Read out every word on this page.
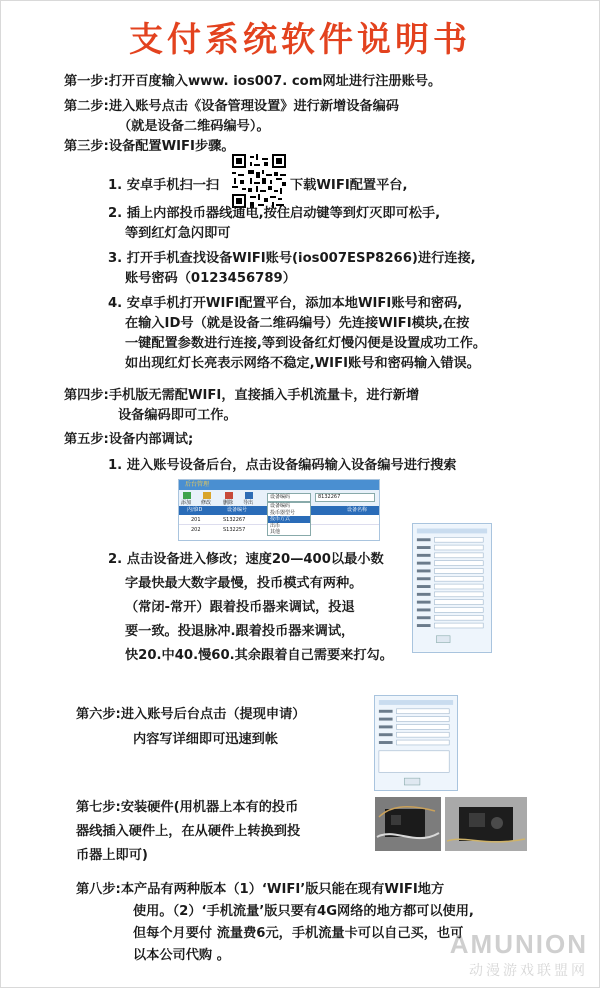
支付系统软件说明书
第一步:打开百度输入www. ios007. com网址进行注册账号。
第二步:进入账号点击《设备管理设置》进行新增设备编码
（就是设备二维码编号）。
第三步:设备配置WIFI步骤。
1. 安卓手机扫一扫	下载WIFI配置平台,
2. 插上内部投币器线通电,按住启动键等到灯灭即可松手,
等到红灯急闪即可
3. 打开手机查找设备WIFI账号(ios007ESP8266)进行连接,
账号密码（0123456789）
4. 安卓手机打开WIFI配置平台，添加本地WIFI账号和密码,
在输入ID号（就是设备二维码编号）先连接WIFI模块,在按
一键配置参数进行连接,等到设备红灯慢闪便是设置成功工作。
如出现红灯长亮表示网络不稳定,WIFI账号和密码输入错误。
第四步:手机版无需配WIFI，直接插入手机流量卡，进行新增
设备编码即可工作。
第五步:设备内部调试;
1. 进入账号设备后台，点击设备编码输入设备编号进行搜索
后台管理
添加 修改 删除 导出
设备编码	8132267
内部ID	设备编号	设备名称
201	S132267
202	S132257
设备编码
投币器型号
投币方式
出币
其他
2. 点击设备进入修改；速度20—400以最小数
字最快最大数字最慢，投币模式有两种。
（常闭-常开）跟着投币器来调试，投退
要一致。投退脉冲.跟着投币器来调试，
快20.中40.慢60.其余跟着自己需要来打勾。
第六步:进入账号后台点击（提现申请）
内容写详细即可迅速到帐
第七步:安装硬件(用机器上本有的投币
器线插入硬件上，在从硬件上转换到投
币器上即可)
第八步:本产品有两种版本（1）‘WIFI’版只能在现有WIFI地方
使用。（2）‘手机流量’版只要有4G网络的地方都可以使用,
但每个月要付 流量费6元，手机流量卡可以自己买，也可
以本公司代购 。	AMUNION
动漫游戏联盟网
